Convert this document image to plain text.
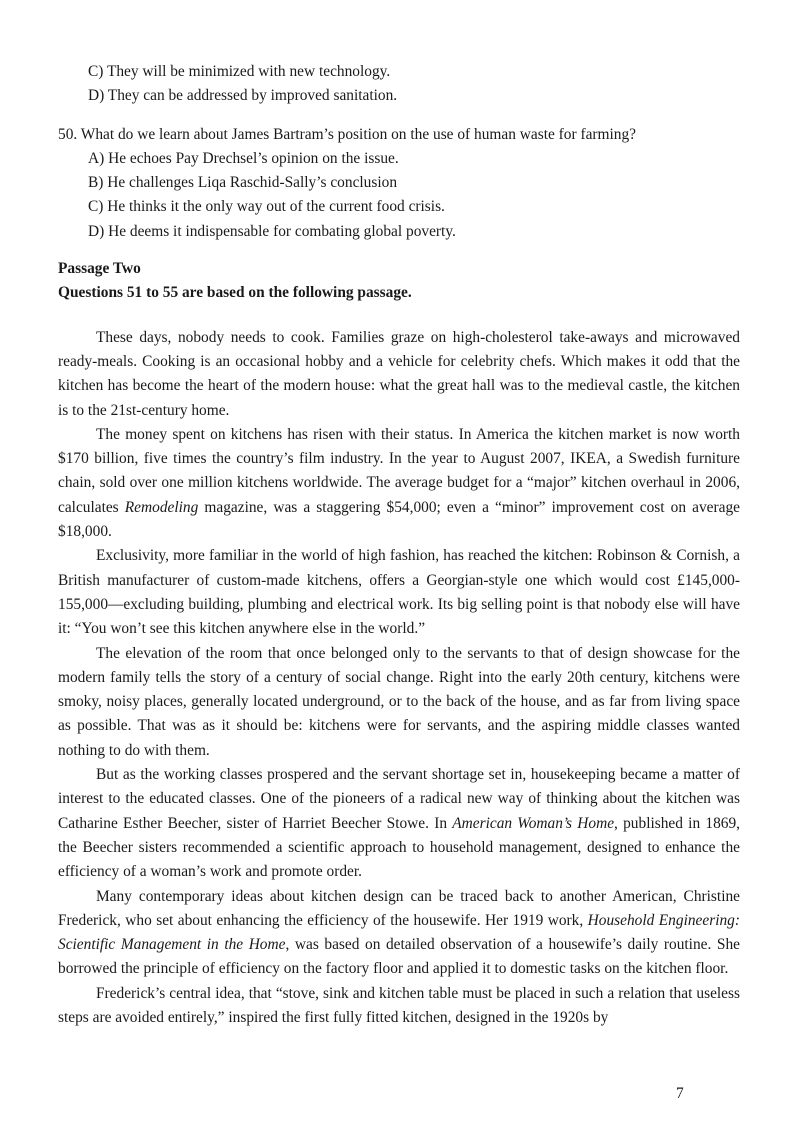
C) They will be minimized with new technology.

D) They can be addressed by improved sanitation.

50. What do we learn about James Bartram’s position on the use of human waste for farming?

A) He echoes Pay Drechsel’s opinion on the issue.

B) He challenges Liqa Raschid-Sally’s conclusion

C) He thinks it the only way out of the current food crisis.

D) He deems it indispensable for combating global poverty.

Passage Two

Questions 51 to 55 are based on the following passage.

These days, nobody needs to cook. Families graze on high-cholesterol take-aways and microwaved ready-meals. Cooking is an occasional hobby and a vehicle for celebrity chefs. Which makes it odd that the kitchen has become the heart of the modern house: what the great hall was to the medieval castle, the kitchen is to the 21st-century home.

The money spent on kitchens has risen with their status. In America the kitchen market is now worth $170 billion, five times the country’s film industry. In the year to August 2007, IKEA, a Swedish furniture chain, sold over one million kitchens worldwide. The average budget for a “major” kitchen overhaul in 2006, calculates Remodeling magazine, was a staggering $54,000; even a “minor” improvement cost on average $18,000.

Exclusivity, more familiar in the world of high fashion, has reached the kitchen: Robinson & Cornish, a British manufacturer of custom-made kitchens, offers a Georgian-style one which would cost £145,000-155,000—excluding building, plumbing and electrical work. Its big selling point is that nobody else will have it: “You won’t see this kitchen anywhere else in the world.”

The elevation of the room that once belonged only to the servants to that of design showcase for the modern family tells the story of a century of social change. Right into the early 20th century, kitchens were smoky, noisy places, generally located underground, or to the back of the house, and as far from living space as possible. That was as it should be: kitchens were for servants, and the aspiring middle classes wanted nothing to do with them.

But as the working classes prospered and the servant shortage set in, housekeeping became a matter of interest to the educated classes. One of the pioneers of a radical new way of thinking about the kitchen was Catharine Esther Beecher, sister of Harriet Beecher Stowe. In American Woman’s Home, published in 1869, the Beecher sisters recommended a scientific approach to household management, designed to enhance the efficiency of a woman’s work and promote order.

Many contemporary ideas about kitchen design can be traced back to another American, Christine Frederick, who set about enhancing the efficiency of the housewife. Her 1919 work, Household Engineering: Scientific Management in the Home, was based on detailed observation of a housewife’s daily routine. She borrowed the principle of efficiency on the factory floor and applied it to domestic tasks on the kitchen floor.

Frederick’s central idea, that “stove, sink and kitchen table must be placed in such a relation that useless steps are avoided entirely,” inspired the first fully fitted kitchen, designed in the 1920s by

7
